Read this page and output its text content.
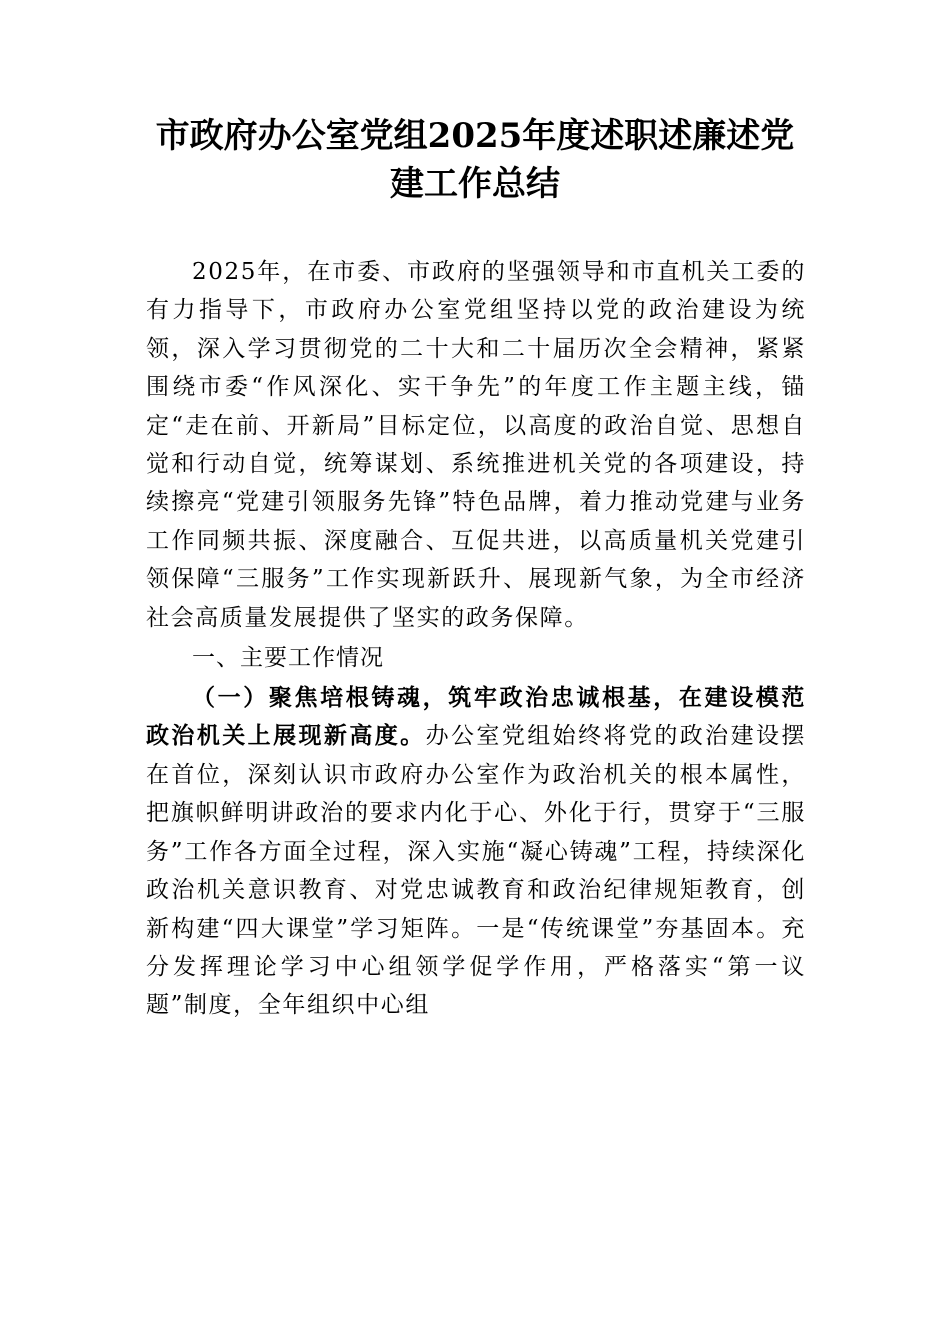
市政府办公室党组2025年度述职述廉述党建工作总结

2025年，在市委、市政府的坚强领导和市直机关工委的有力指导下，市政府办公室党组坚持以党的政治建设为统领，深入学习贯彻党的二十大和二十届历次全会精神，紧紧围绕市委“作风深化、实干争先”的年度工作主题主线，锚定“走在前、开新局”目标定位，以高度的政治自觉、思想自觉和行动自觉，统筹谋划、系统推进机关党的各项建设，持续擦亮“党建引领服务先锋”特色品牌，着力推动党建与业务工作同频共振、深度融合、互促共进，以高质量机关党建引领保障“三服务”工作实现新跃升、展现新气象，为全市经济社会高质量发展提供了坚实的政务保障。

一、主要工作情况

（一）聚焦培根铸魂，筑牢政治忠诚根基，在建设模范政治机关上展现新高度。办公室党组始终将党的政治建设摆在首位，深刻认识市政府办公室作为政治机关的根本属性，把旗帜鲜明讲政治的要求内化于心、外化于行，贯穿于“三服务”工作各方面全过程，深入实施“凝心铸魂”工程，持续深化政治机关意识教育、对党忠诚教育和政治纪律规矩教育，创新构建“四大课堂”学习矩阵。一是“传统课堂”夯基固本。充分发挥理论学习中心组领学促学作用，严格落实“第一议题”制度，全年组织中心组
